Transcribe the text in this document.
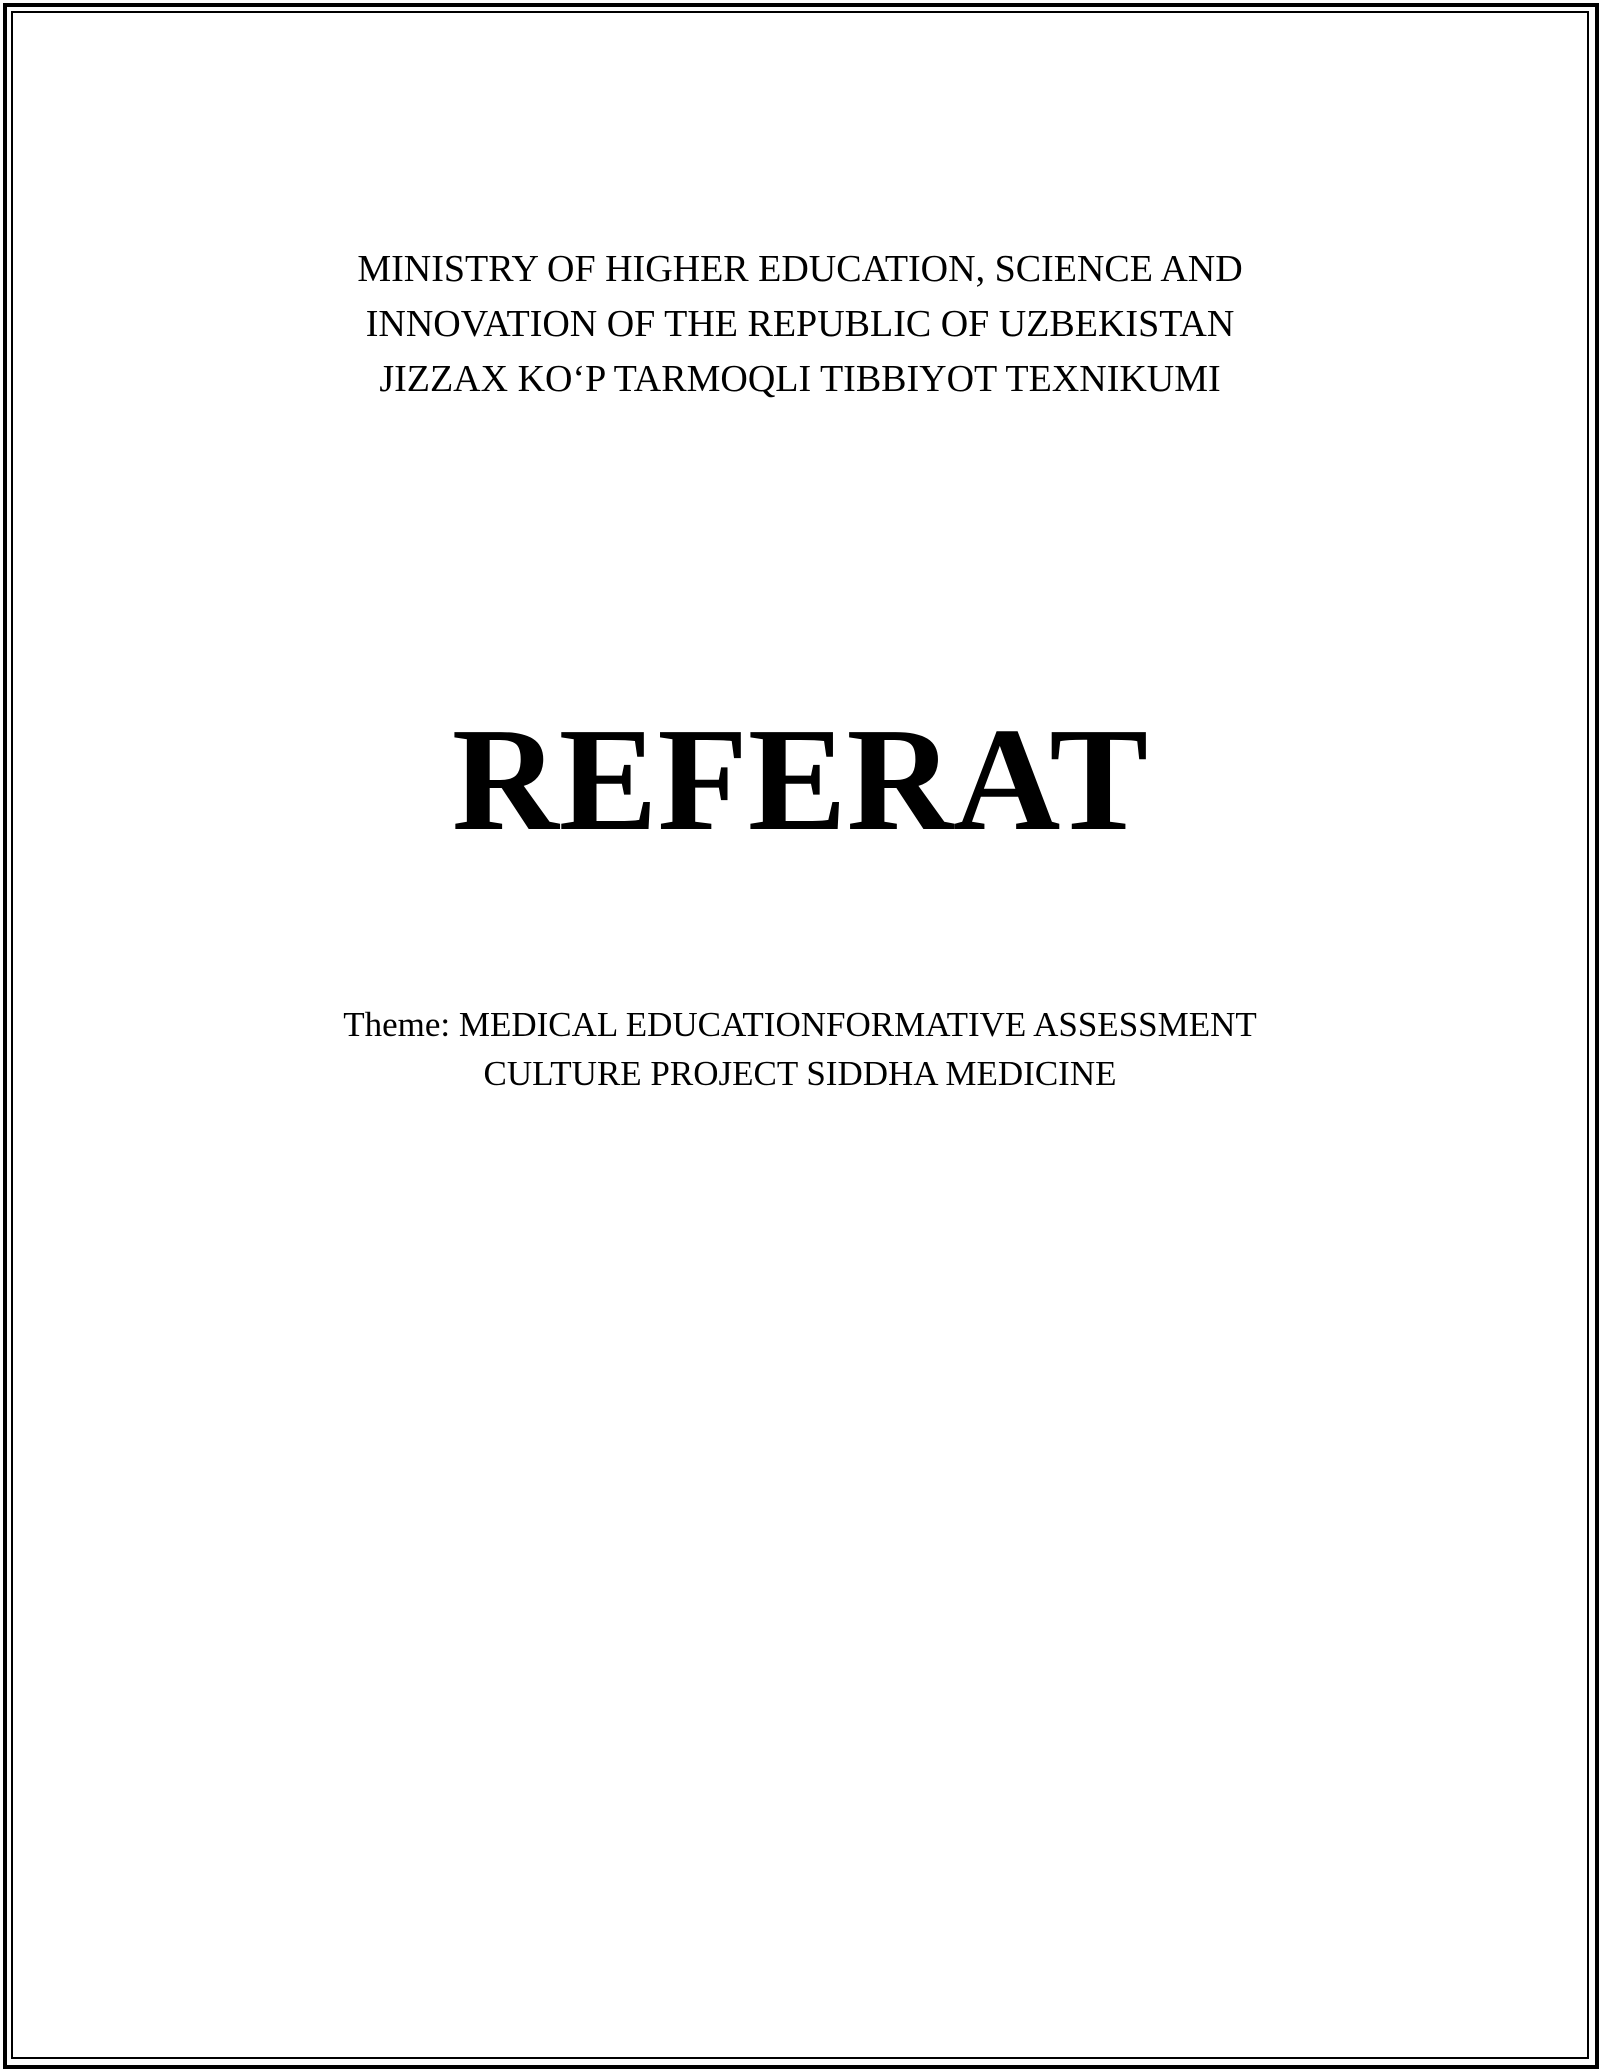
MINISTRY OF HIGHER EDUCATION, SCIENCE AND
INNOVATION OF THE REPUBLIC OF UZBEKISTAN
JIZZAX KO‘P TARMOQLI TIBBIYOT TEXNIKUMI
REFERAT
Theme: MEDICAL EDUCATIONFORMATIVE ASSESSMENT
CULTURE PROJECT SIDDHA MEDICINE
